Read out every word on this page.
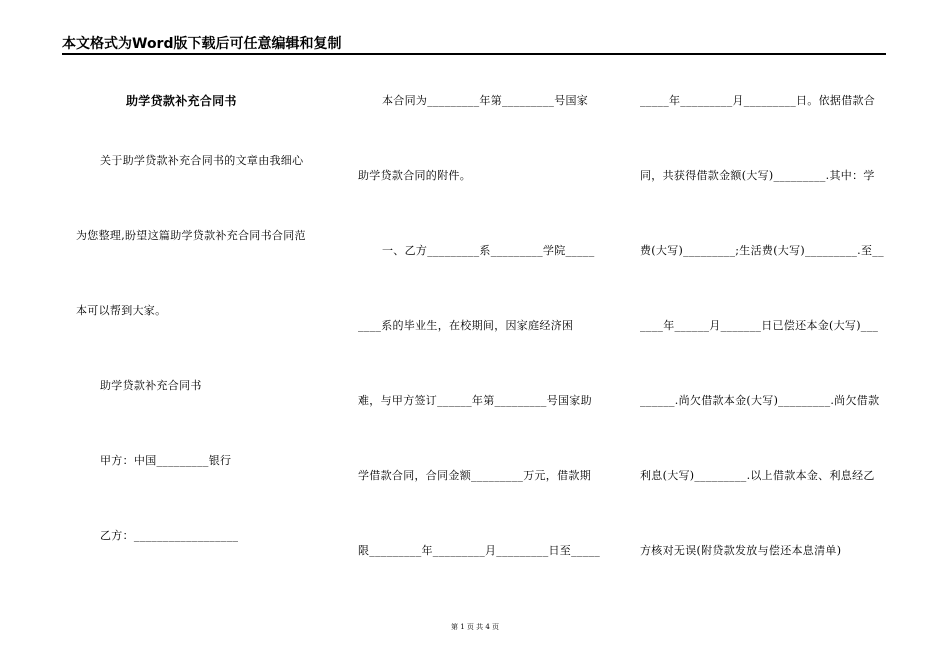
本文格式为Word版下载后可任意编辑和复制
助学贷款补充合同书
关于助学贷款补充合同书的文章由我细心
为您整理,盼望这篇助学贷款补充合同书合同范
本可以帮到大家。
助学贷款补充合同书
甲方：中国_________银行
乙方：__________________
本合同为_________年第_________号国家
助学贷款合同的附件。
一、乙方_________系_________学院_____
____系的毕业生，在校期间，因家庭经济困
难，与甲方签订______年第_________号国家助
学借款合同，合同金额_________万元，借款期
限_________年_________月_________日至_____
_____年_________月_________日。依据借款合
同，共获得借款金额(大写)_________.其中：学
费(大写)_________;生活费(大写)_________.至__
____年______月_______日已偿还本金(大写)___
______.尚欠借款本金(大写)_________.尚欠借款
利息(大写)_________.以上借款本金、利息经乙
方核对无误(附贷款发放与偿还本息清单)
第 1 页 共 4 页
